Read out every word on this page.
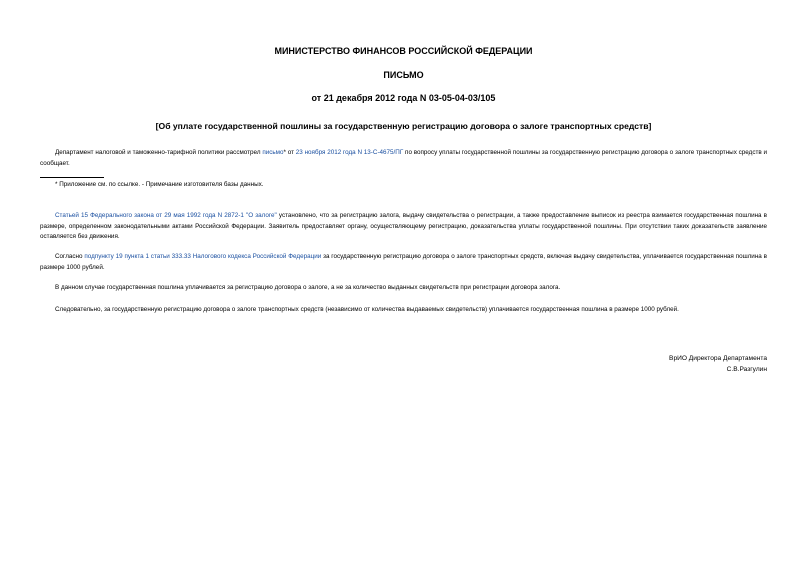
МИНИСТЕРСТВО ФИНАНСОВ РОССИЙСКОЙ ФЕДЕРАЦИИ
ПИСЬМО
от 21 декабря 2012 года N 03-05-04-03/105
[Об уплате государственной пошлины за государственную регистрацию договора о залоге транспортных средств]
Департамент налоговой и таможенно-тарифной политики рассмотрел письмо* от 23 ноября 2012 года N 13-С-4675/ПГ по вопросу уплаты государственной пошлины за государственную регистрацию договора о залоге транспортных средств и сообщает.
* Приложение см. по ссылке. - Примечание изготовителя базы данных.
Статьей 15 Федерального закона от 29 мая 1992 года N 2872-1 "О залоге" установлено, что за регистрацию залога, выдачу свидетельства о регистрации, а также предоставление выписок из реестра взимается государственная пошлина в размере, определенном законодательными актами Российской Федерации. Заявитель предоставляет органу, осуществляющему регистрацию, доказательства уплаты государственной пошлины. При отсутствии таких доказательств заявление оставляется без движения.
Согласно подпункту 19 пункта 1 статьи 333.33 Налогового кодекса Российской Федерации за государственную регистрацию договора о залоге транспортных средств, включая выдачу свидетельства, уплачивается государственная пошлина в размере 1000 рублей.
В данном случае государственная пошлина уплачивается за регистрацию договора о залоге, а не за количество выданных свидетельств при регистрации договора залога.
Следовательно, за государственную регистрацию договора о залоге транспортных средств (независимо от количества выдаваемых свидетельств) уплачивается государственная пошлина в размере 1000 рублей.
ВрИО Директора Департамента
С.В.Разгулин
